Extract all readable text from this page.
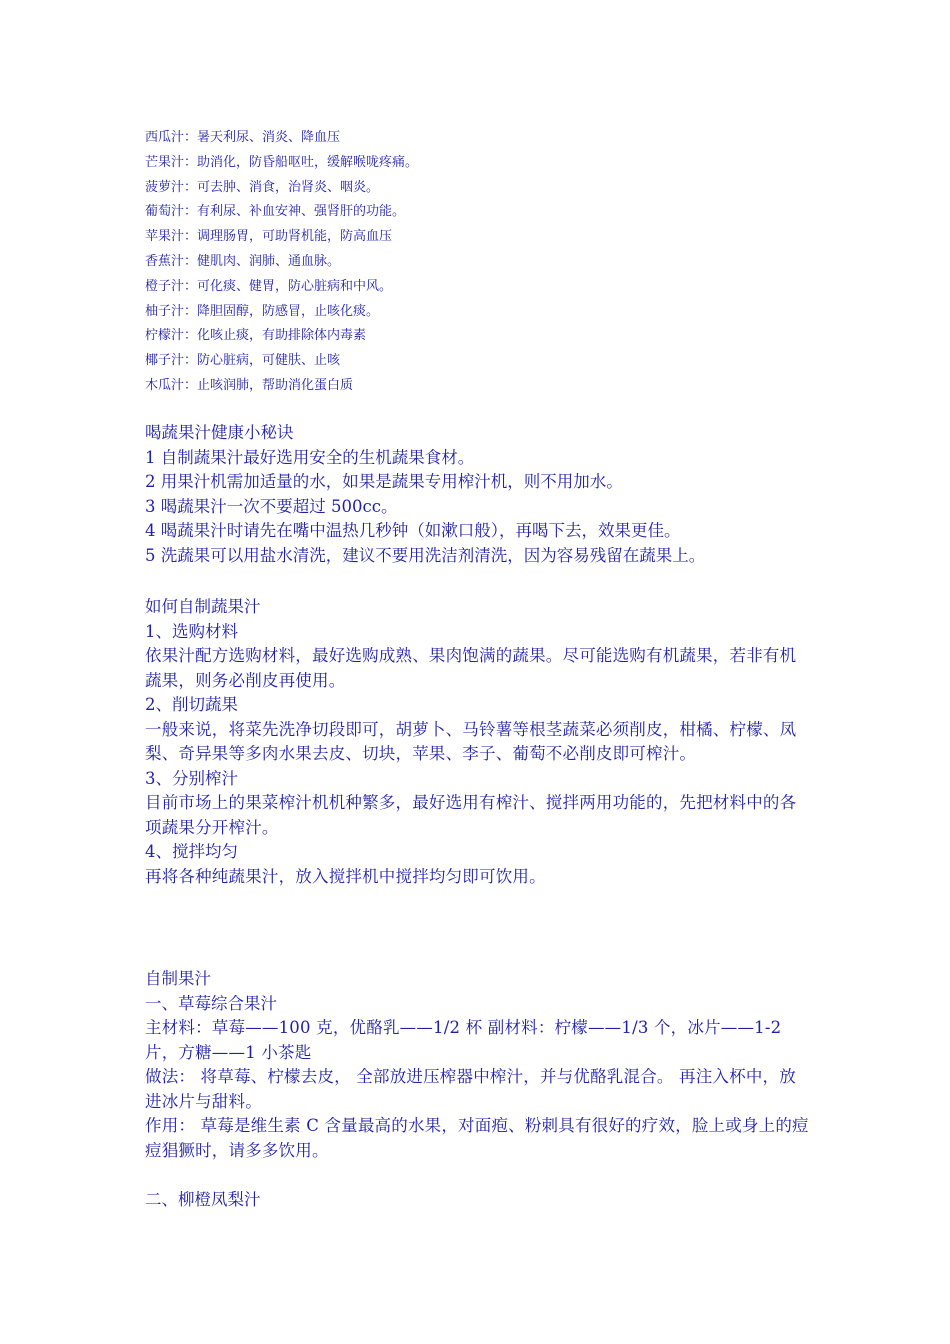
西瓜汁：暑天利尿、消炎、降血压
芒果汁：助消化，防昏船呕吐，缓解喉咙疼痛。
菠萝汁：可去肿、消食，治肾炎、咽炎。
葡萄汁：有利尿、补血安神、强肾肝的功能。
苹果汁：调理肠胃，可助肾机能，防高血压
香蕉汁：健肌肉、润肺、通血脉。
橙子汁：可化痰、健胃，防心脏病和中风。
柚子汁：降胆固醇，防感冒，止咳化痰。
柠檬汁：化咳止痰，有助排除体内毒素
椰子汁：防心脏病，可健肤、止咳
木瓜汁：止咳润肺，帮助消化蛋白质
喝蔬果汁健康小秘诀
1 自制蔬果汁最好选用安全的生机蔬果食材。
2 用果汁机需加适量的水，如果是蔬果专用榨汁机，则不用加水。
3 喝蔬果汁一次不要超过 500cc。
4 喝蔬果汁时请先在嘴中温热几秒钟（如漱口般），再喝下去，效果更佳。
5 洗蔬果可以用盐水清洗，建议不要用洗洁剂清洗，因为容易残留在蔬果上。
如何自制蔬果汁
1、选购材料
依果汁配方选购材料，最好选购成熟、果肉饱满的蔬果。尽可能选购有机蔬果，若非有机蔬果，则务必削皮再使用。
2、削切蔬果
一般来说，将菜先洗净切段即可，胡萝卜、马铃薯等根茎蔬菜必须削皮，柑橘、柠檬、凤梨、奇异果等多肉水果去皮、切块，苹果、李子、葡萄不必削皮即可榨汁。
3、分别榨汁
目前市场上的果菜榨汁机机种繁多，最好选用有榨汁、搅拌两用功能的，先把材料中的各项蔬果分开榨汁。
4、搅拌均匀
再将各种纯蔬果汁，放入搅拌机中搅拌均匀即可饮用。
自制果汁
一、草莓综合果汁
主材料：草莓——100 克，优酪乳——1/2 杯 副材料：柠檬——1/3 个，冰片——1-2 片，方糖——1 小茶匙
做法： 将草莓、柠檬去皮， 全部放进压榨器中榨汁，并与优酪乳混合。 再注入杯中，放进冰片与甜料。
作用： 草莓是维生素 C 含量最高的水果，对面疱、粉刺具有很好的疗效，脸上或身上的痘痘猖獗时，请多多饮用。
二、柳橙凤梨汁
